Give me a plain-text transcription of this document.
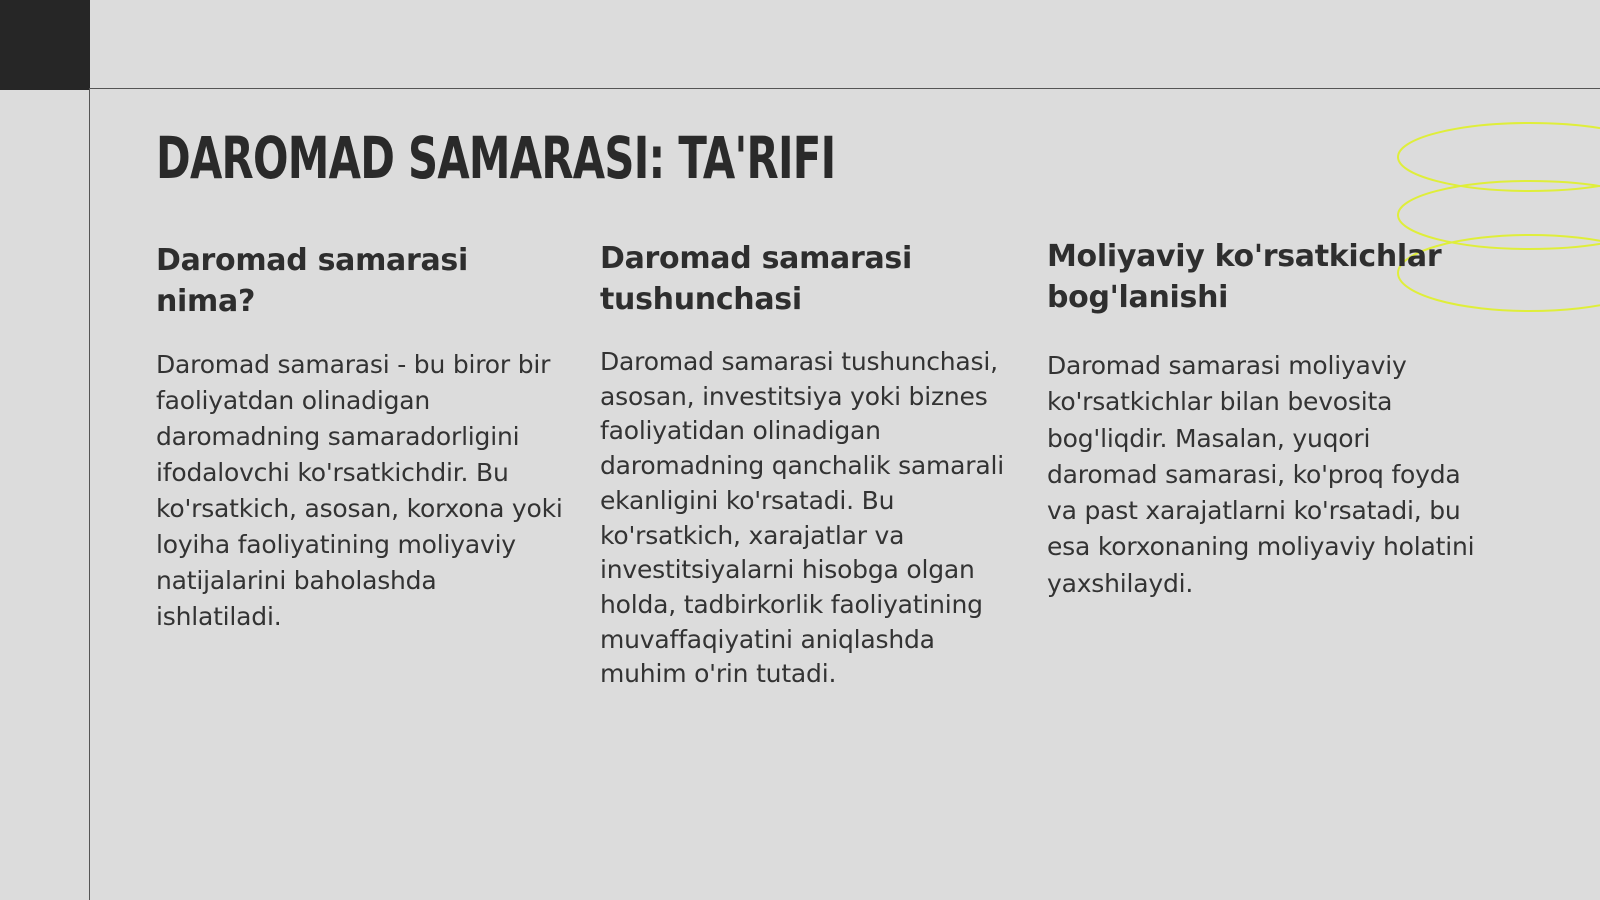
DAROMAD SAMARASI: TA'RIFI
Daromad samarasi nima?

Daromad samarasi - bu biror bir faoliyatdan olinadigan daromadning samaradorligini ifodalovchi ko'rsatkichdir. Bu ko'rsatkich, asosan, korxona yoki loyiha faoliyatining moliyaviy natijalarini baholashda ishlatiladi.

Daromad samarasi tushunchasi

Daromad samarasi tushunchasi, asosan, investitsiya yoki biznes faoliyatidan olinadigan daromadning qanchalik samarali ekanligini ko'rsatadi. Bu ko'rsatkich, xarajatlar va investitsiyalarni hisobga olgan holda, tadbirkorlik faoliyatining muvaffaqiyatini aniqlashda muhim o'rin tutadi.

Moliyaviy ko'rsatkichlar bog'lanishi

Daromad samarasi moliyaviy ko'rsatkichlar bilan bevosita bog'liqdir. Masalan, yuqori daromad samarasi, ko'proq foyda va past xarajatlarni ko'rsatadi, bu esa korxonaning moliyaviy holatini yaxshilaydi.
